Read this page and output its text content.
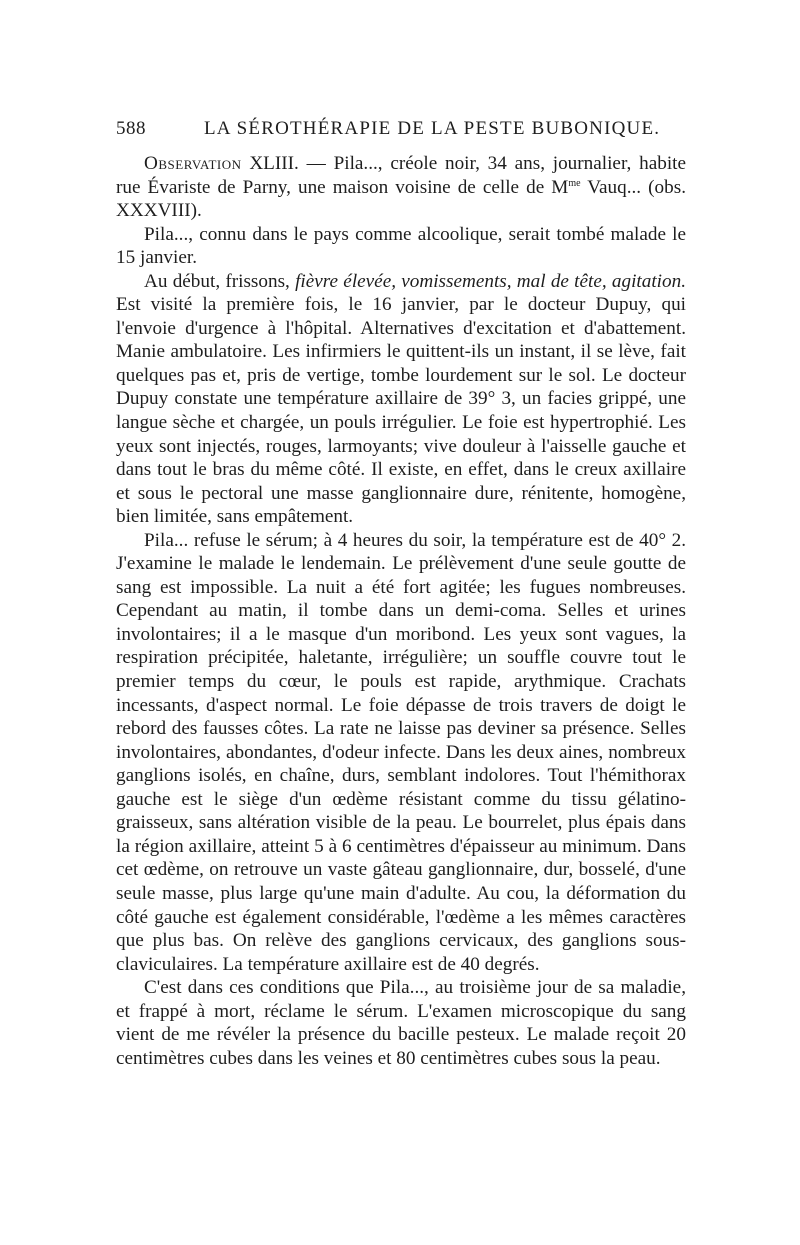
588	LA SÉROTHÉRAPIE DE LA PESTE BUBONIQUE.

Observation XLIII. — Pila..., créole noir, 34 ans, journalier, habite rue Évariste de Parny, une maison voisine de celle de $M^{me}$ Vauq... (obs. XXXVIII).

Pila..., connu dans le pays comme alcoolique, serait tombé malade le 15 janvier.

Au début, frissons, fièvre élevée, vomissements, mal de tête, agitation. Est visité la première fois, le 16 janvier, par le docteur Dupuy, qui l'envoie d'urgence à l'hôpital. Alternatives d'excitation et d'abattement. Manie ambulatoire. Les infirmiers le quittent-ils un instant, il se lève, fait quelques pas et, pris de vertige, tombe lourdement sur le sol. Le docteur Dupuy constate une température axillaire de 39° 3, un facies grippé, une langue sèche et chargée, un pouls irrégulier. Le foie est hypertrophié. Les yeux sont injectés, rouges, larmoyants; vive douleur à l'aisselle gauche et dans tout le bras du même côté. Il existe, en effet, dans le creux axillaire et sous le pectoral une masse ganglionnaire dure, rénitente, homogène, bien limitée, sans empâtement.

Pila... refuse le sérum; à 4 heures du soir, la température est de 40° 2. J'examine le malade le lendemain. Le prélèvement d'une seule goutte de sang est impossible. La nuit a été fort agitée; les fugues nombreuses. Cependant au matin, il tombe dans un demi-coma. Selles et urines involontaires; il a le masque d'un moribond. Les yeux sont vagues, la respiration précipitée, haletante, irrégulière; un souffle couvre tout le premier temps du cœur, le pouls est rapide, arythmique. Crachats incessants, d'aspect normal. Le foie dépasse de trois travers de doigt le rebord des fausses côtes. La rate ne laisse pas deviner sa présence. Selles involontaires, abondantes, d'odeur infecte. Dans les deux aines, nombreux ganglions isolés, en chaîne, durs, semblant indolores. Tout l'hémithorax gauche est le siège d'un œdème résistant comme du tissu gélatino-graisseux, sans altération visible de la peau. Le bourrelet, plus épais dans la région axillaire, atteint 5 à 6 centimètres d'épaisseur au minimum. Dans cet œdème, on retrouve un vaste gâteau ganglionnaire, dur, bosselé, d'une seule masse, plus large qu'une main d'adulte. Au cou, la déformation du côté gauche est également considérable, l'œdème a les mêmes caractères que plus bas. On relève des ganglions cervicaux, des ganglions sous-claviculaires. La température axillaire est de 40 degrés.

C'est dans ces conditions que Pila..., au troisième jour de sa maladie, et frappé à mort, réclame le sérum. L'examen microscopique du sang vient de me révéler la présence du bacille pesteux. Le malade reçoit 20 centimètres cubes dans les veines et 80 centimètres cubes sous la peau.
